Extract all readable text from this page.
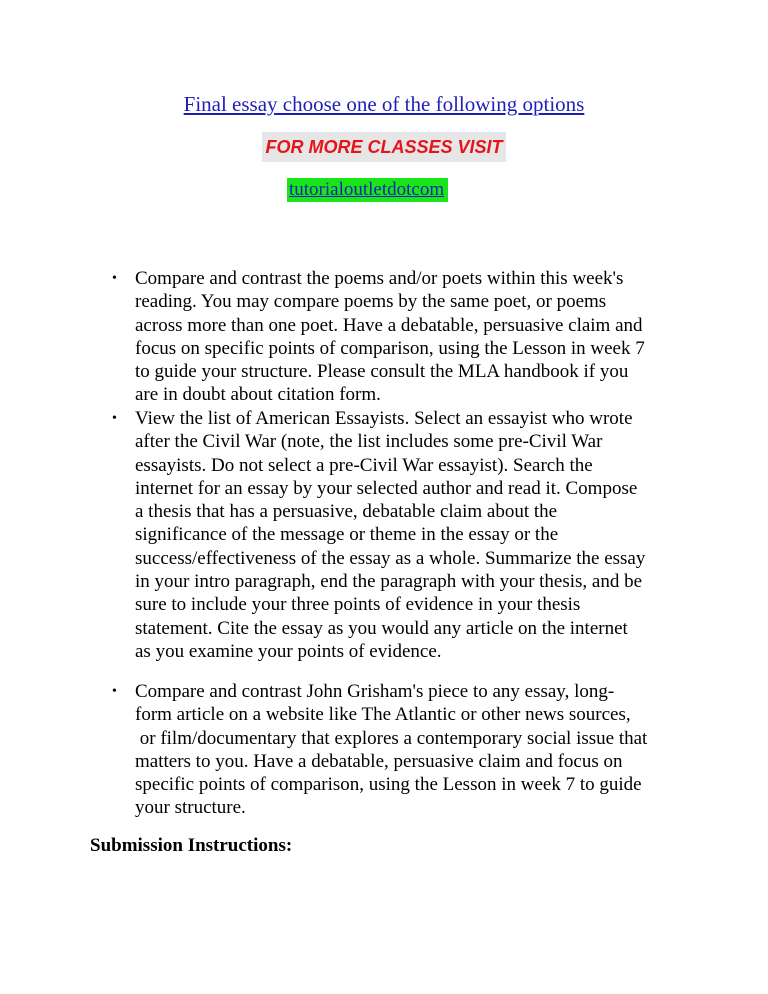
Final essay choose one of the following options
FOR MORE CLASSES VISIT
tutorialoutletdotcom
• Compare and contrast the poems and/or poets within this week's
reading. You may compare poems by the same poet, or poems
across more than one poet. Have a debatable, persuasive claim and
focus on specific points of comparison, using the Lesson in week 7
to guide your structure. Please consult the MLA handbook if you
are in doubt about citation form.
• View the list of American Essayists. Select an essayist who wrote
after the Civil War (note, the list includes some pre-Civil War
essayists. Do not select a pre-Civil War essayist). Search the
internet for an essay by your selected author and read it. Compose
a thesis that has a persuasive, debatable claim about the
significance of the message or theme in the essay or the
success/effectiveness of the essay as a whole. Summarize the essay
in your intro paragraph, end the paragraph with your thesis, and be
sure to include your three points of evidence in your thesis
statement. Cite the essay as you would any article on the internet
as you examine your points of evidence.
• Compare and contrast John Grisham's piece to any essay, long-
form article on a website like The Atlantic or other news sources,
or film/documentary that explores a contemporary social issue that
matters to you. Have a debatable, persuasive claim and focus on
specific points of comparison, using the Lesson in week 7 to guide
your structure.
Submission Instructions:
